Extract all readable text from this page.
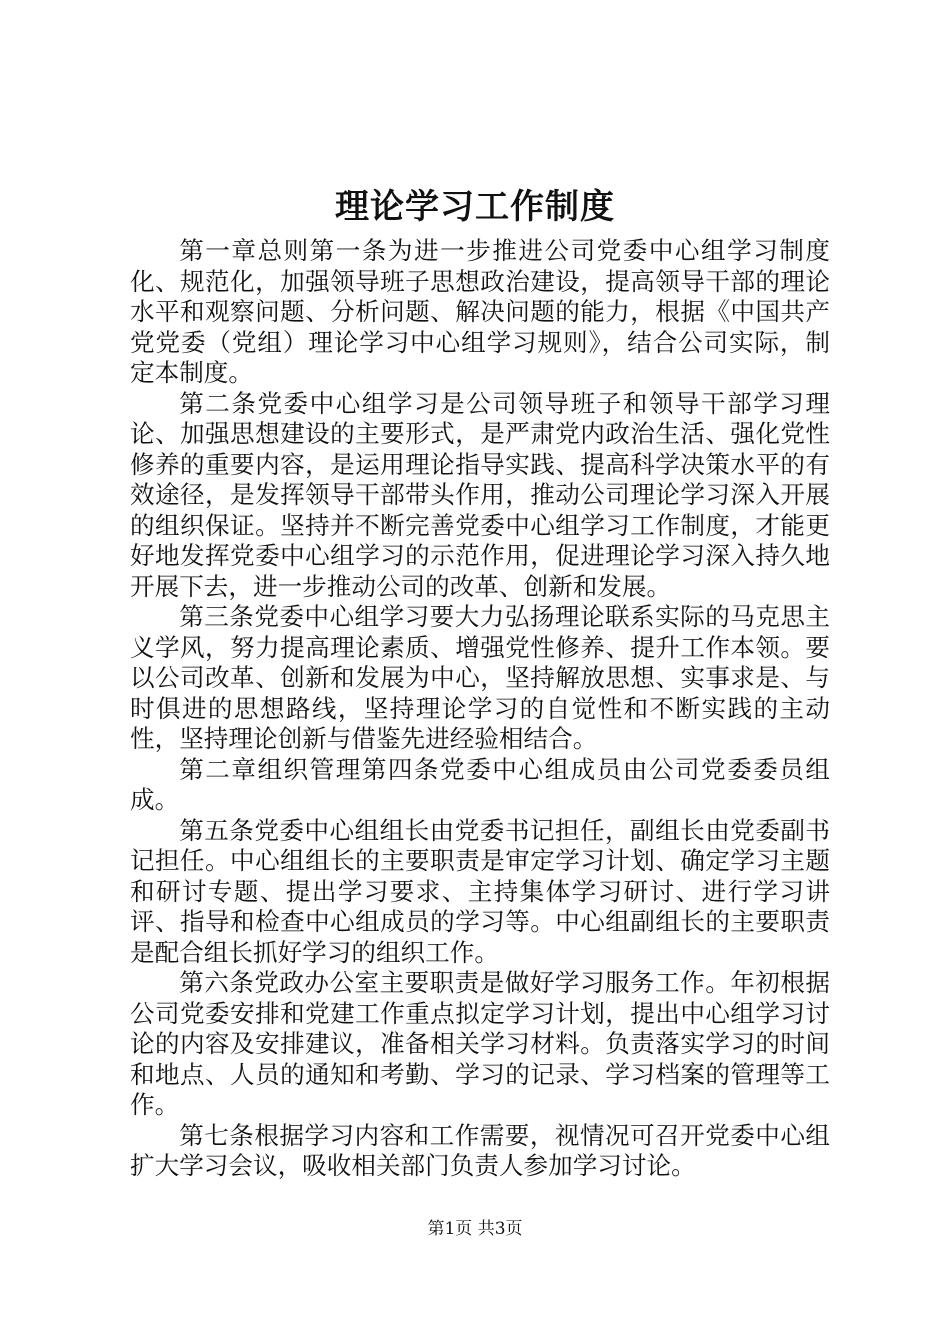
理论学习工作制度

第一章总则第一条为进一步推进公司党委中心组学习制度化、规范化，加强领导班子思想政治建设，提高领导干部的理论水平和观察问题、分析问题、解决问题的能力，根据《中国共产党党委（党组）理论学习中心组学习规则》，结合公司实际，制定本制度。

第二条党委中心组学习是公司领导班子和领导干部学习理论、加强思想建设的主要形式，是严肃党内政治生活、强化党性修养的重要内容，是运用理论指导实践、提高科学决策水平的有效途径，是发挥领导干部带头作用，推动公司理论学习深入开展的组织保证。坚持并不断完善党委中心组学习工作制度，才能更好地发挥党委中心组学习的示范作用，促进理论学习深入持久地开展下去，进一步推动公司的改革、创新和发展。

第三条党委中心组学习要大力弘扬理论联系实际的马克思主义学风，努力提高理论素质、增强党性修养、提升工作本领。要以公司改革、创新和发展为中心，坚持解放思想、实事求是、与时俱进的思想路线，坚持理论学习的自觉性和不断实践的主动性，坚持理论创新与借鉴先进经验相结合。

第二章组织管理第四条党委中心组成员由公司党委委员组成。

第五条党委中心组组长由党委书记担任，副组长由党委副书记担任。中心组组长的主要职责是审定学习计划、确定学习主题和研讨专题、提出学习要求、主持集体学习研讨、进行学习讲评、指导和检查中心组成员的学习等。中心组副组长的主要职责是配合组长抓好学习的组织工作。

第六条党政办公室主要职责是做好学习服务工作。年初根据公司党委安排和党建工作重点拟定学习计划，提出中心组学习讨论的内容及安排建议，准备相关学习材料。负责落实学习的时间和地点、人员的通知和考勤、学习的记录、学习档案的管理等工作。

第七条根据学习内容和工作需要，视情况可召开党委中心组扩大学习会议，吸收相关部门负责人参加学习讨论。

第1页 共3页
